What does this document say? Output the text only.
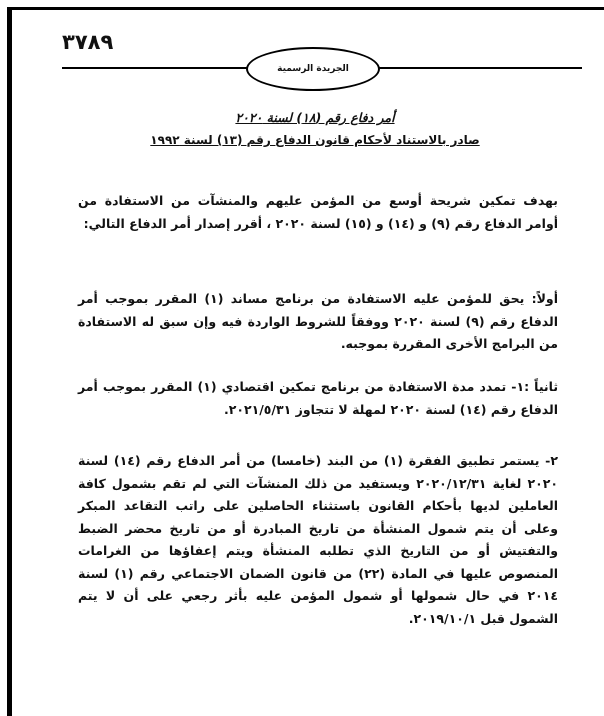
٣٧٨٩
الجريدة الرسمية
أمر دفاع رقم (١٨) لسنة ٢٠٢٠
صادر بالاستناد لأحكام قانون الدفاع رقم (١٣) لسنة ١٩٩٢

بهدف تمكين شريحة أوسع من المؤمن عليهم والمنشآت من الاستفادة من أوامر الدفاع رقم (٩) و (١٤) و (١٥) لسنة ٢٠٢٠ ، أقرر إصدار أمر الدفاع التالي:

أولاً: يحق للمؤمن عليه الاستفادة من برنامج مساند (١) المقرر بموجب أمر الدفاع رقم (٩) لسنة ٢٠٢٠ ووفقاً للشروط الواردة فيه وإن سبق له الاستفادة من البرامج الأخرى المقررة بموجبه.

ثانياً :١- تمدد مدة الاستفادة من برنامج تمكين اقتصادي (١) المقرر بموجب أمر الدفاع رقم (١٤) لسنة ٢٠٢٠ لمهلة لا تتجاوز ٢٠٢١/٥/٣١.

٢- يستمر تطبيق الفقرة (١) من البند (خامسا) من أمر الدفاع رقم (١٤) لسنة ٢٠٢٠ لغاية ٢٠٢٠/١٢/٣١ ويستفيد من ذلك المنشآت التي لم تقم بشمول كافة العاملين لديها بأحكام القانون باستثناء الحاصلين على راتب التقاعد المبكر وعلى أن يتم شمول المنشأة من تاريخ المبادرة أو من تاريخ محضر الضبط والتفتيش أو من التاريخ الذي تطلبه المنشأة ويتم إعفاؤها من الغرامات المنصوص عليها في المادة (٢٢) من قانون الضمان الاجتماعي رقم (١) لسنة ٢٠١٤ في حال شمولها أو شمول المؤمن عليه بأثر رجعي على أن لا يتم الشمول قبل ٢٠١٩/١٠/١.
